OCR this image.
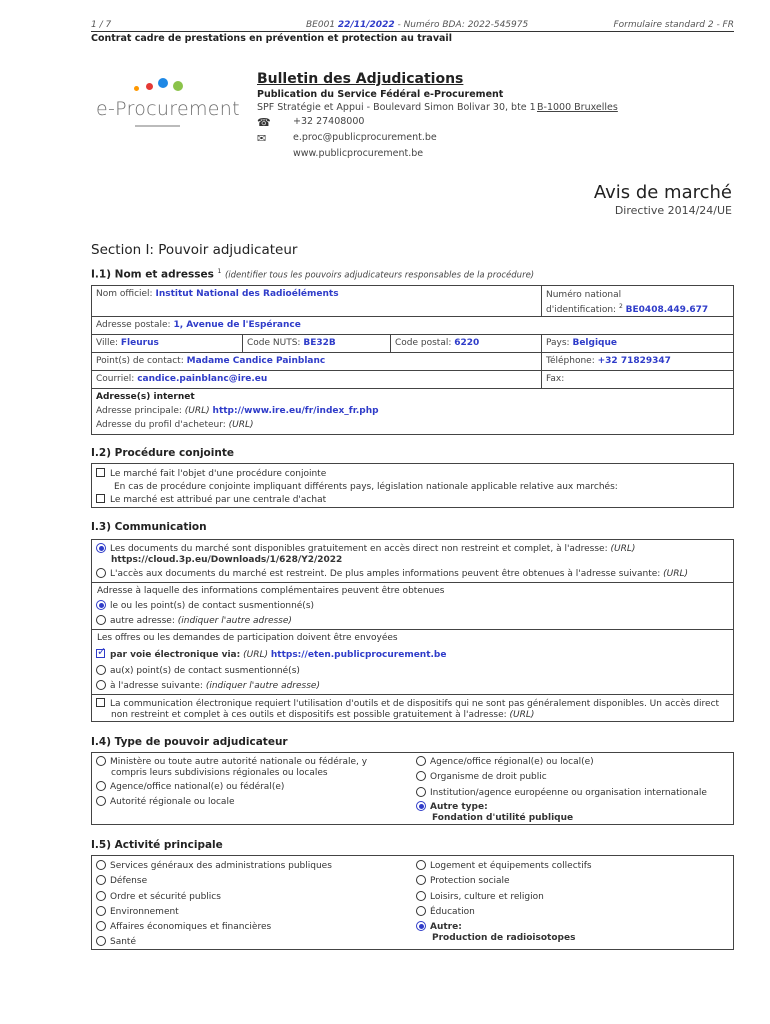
1 / 7	BE001 22/11/2022 - Numéro BDA: 2022-545975	Formulaire standard 2 - FR
Contrat cadre de prestations en prévention et protection au travail
e-Procurement
Bulletin des Adjudications
Publication du Service Fédéral e-Procurement
SPF Stratégie et Appui - Boulevard Simon Bolivar 30, bte 1 B-1000 Bruxelles
☎ +32 27408000
✉	e.proc@publicprocurement.be
www.publicprocurement.be
Avis de marché
Directive 2014/24/UE
Section I: Pouvoir adjudicateur
I.1) Nom et adresses $^1$ (identifier tous les pouvoirs adjudicateurs responsables de la procédure)
Nom officiel: Institut National des Radioéléments	Numéro national
d'identification: $^2$ BE0408.449.677
Adresse postale: 1, Avenue de l'Espérance
Ville: Fleurus	Code NUTS: BE32B	Code postal: 6220	Pays: Belgique
Point(s) de contact: Madame Candice Painblanc	Téléphone: +32 71829347
Courriel: candice.painblanc@ire.eu	Fax:
Adresse(s) internet
Adresse principale: (URL) http://www.ire.eu/fr/index_fr.php
Adresse du profil d'acheteur: (URL)
I.2) Procédure conjointe
Le marché fait l'objet d'une procédure conjointe
En cas de procédure conjointe impliquant différents pays, législation nationale applicable relative aux marchés:
Le marché est attribué par une centrale d'achat
I.3) Communication
Les documents du marché sont disponibles gratuitement en accès direct non restreint et complet, à l'adresse: (URL)
https://cloud.3p.eu/Downloads/1/628/Y2/2022
L'accès aux documents du marché est restreint. De plus amples informations peuvent être obtenues à l'adresse suivante: (URL)
Adresse à laquelle des informations complémentaires peuvent être obtenues
le ou les point(s) de contact susmentionné(s)
autre adresse: (indiquer l'autre adresse)
Les offres ou les demandes de participation doivent être envoyées
✓par voie électronique via: (URL) https://eten.publicprocurement.be
au(x) point(s) de contact susmentionné(s)
à l'adresse suivante: (indiquer l'autre adresse)
La communication électronique requiert l'utilisation d'outils et de dispositifs qui ne sont pas généralement disponibles. Un accès direct
non restreint et complet à ces outils et dispositifs est possible gratuitement à l'adresse: (URL)
I.4) Type de pouvoir adjudicateur
Ministère ou toute autre autorité nationale ou fédérale, y
compris leurs subdivisions régionales ou locales
Agence/office national(e) ou fédéral(e)
Autorité régionale ou locale
Agence/office régional(e) ou local(e)
Organisme de droit public
Institution/agence européenne ou organisation internationale
Autre type:
Fondation d'utilité publique
I.5) Activité principale
Services généraux des administrations publiques
Défense
Ordre et sécurité publics
Environnement
Affaires économiques et financières
Santé
Logement et équipements collectifs
Protection sociale
Loisirs, culture et religion
Éducation
Autre:
Production de radioisotopes
